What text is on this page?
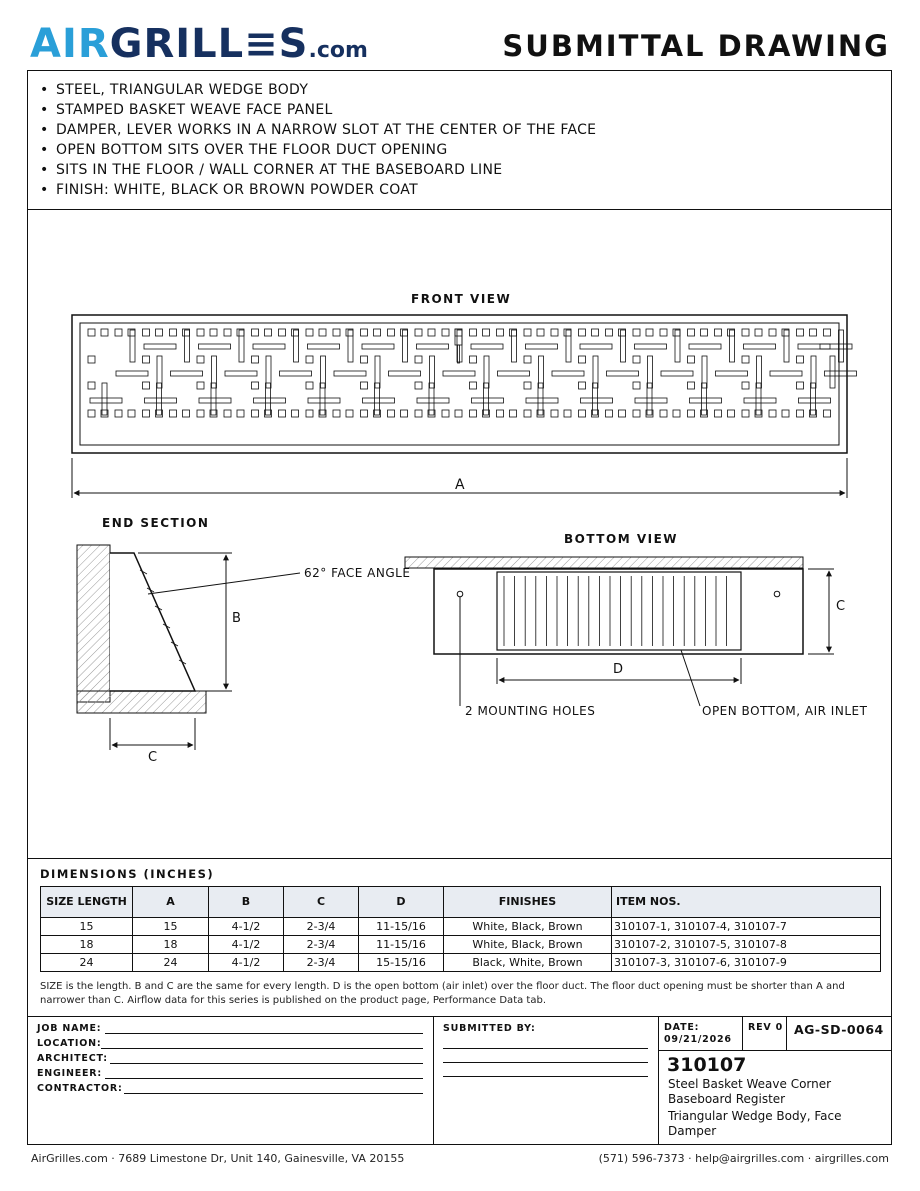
AIRGRILL≡S.com	SUBMITTAL DRAWING
• STEEL, TRIANGULAR WEDGE BODY
• STAMPED BASKET WEAVE FACE PANEL
• DAMPER, LEVER WORKS IN A NARROW SLOT AT THE CENTER OF THE FACE
• OPEN BOTTOM SITS OVER THE FLOOR DUCT OPENING
• SITS IN THE FLOOR / WALL CORNER AT THE BASEBOARD LINE
• FINISH: WHITE, BLACK OR BROWN POWDER COAT
FRONT VIEW
A
END SECTION
62° FACE ANGLE
B
C
BOTTOM VIEW
C
D
2 MOUNTING HOLES	OPEN BOTTOM, AIR INLET
DIMENSIONS (INCHES)
SIZE LENGTH	A	B	C	D	FINISHES	ITEM NOS.
15	15	4-1/2	2-3/4	11-15/16	White, Black, Brown	310107-1, 310107-4, 310107-7
18	18	4-1/2	2-3/4	11-15/16	White, Black, Brown	310107-2, 310107-5, 310107-8
24	24	4-1/2	2-3/4	15-15/16	Black, White, Brown	310107-3, 310107-6, 310107-9
SIZE is the length. B and C are the same for every length. D is the open bottom (air inlet) over the floor duct. The floor duct opening must be shorter than A and narrower than C. Airflow data for this series is published on the product page, Performance Data tab.
JOB NAME:
LOCATION:
ARCHITECT:
ENGINEER:
CONTRACTOR:
SUBMITTED BY:	DATE:
09/21/2026
REV 0 AG-SD-0064
310107
Steel Basket Weave Corner Baseboard Register
Triangular Wedge Body, Face Damper
AirGrilles.com · 7689 Limestone Dr, Unit 140, Gainesville, VA 20155	(571) 596-7373 · help@airgrilles.com · airgrilles.com
